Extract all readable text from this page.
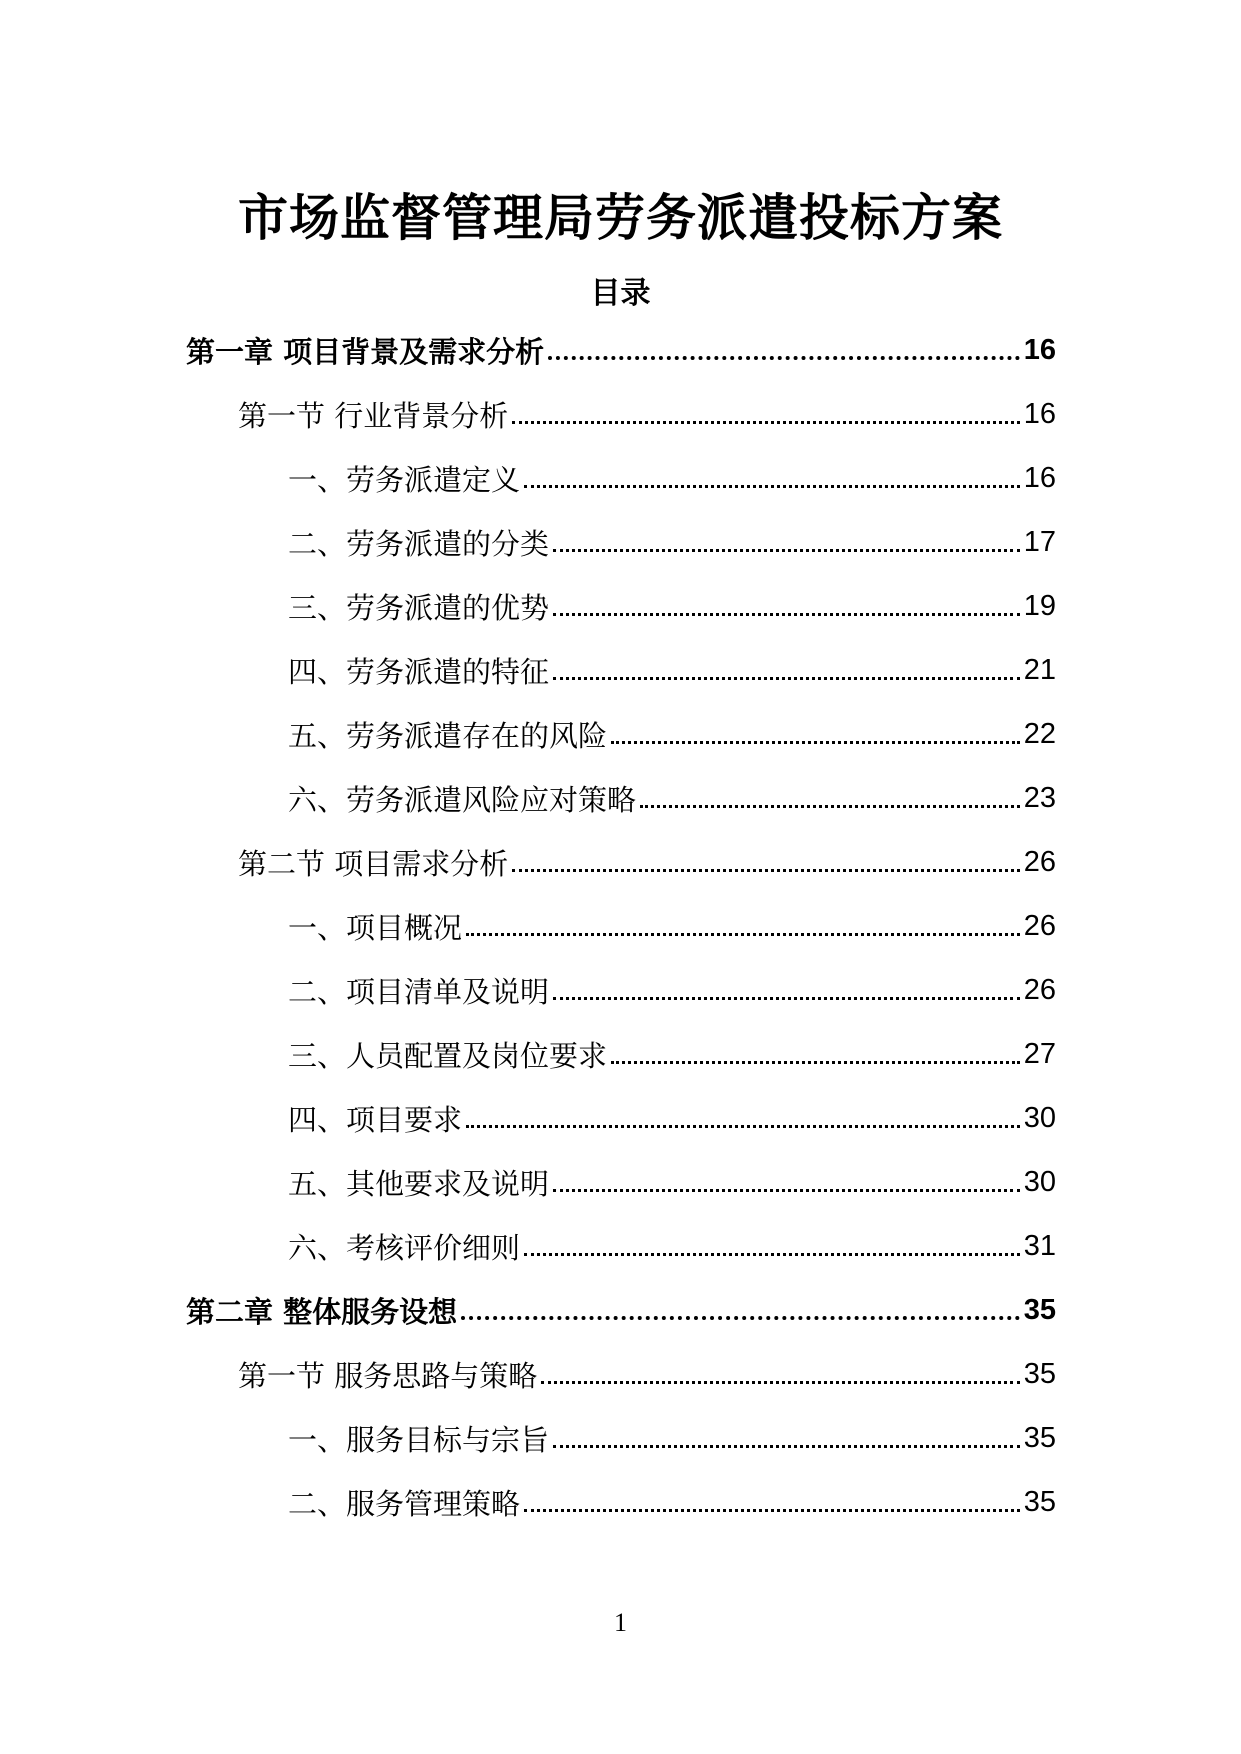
市场监督管理局劳务派遣投标方案
目录
第一章 项目背景及需求分析	16
第一节 行业背景分析	16
一、劳务派遣定义	16
二、劳务派遣的分类	17
三、劳务派遣的优势	19
四、劳务派遣的特征	21
五、劳务派遣存在的风险	22
六、劳务派遣风险应对策略	23
第二节 项目需求分析	26
一、项目概况	26
二、项目清单及说明	26
三、人员配置及岗位要求	27
四、项目要求	30
五、其他要求及说明	30
六、考核评价细则	31
第二章 整体服务设想	35
第一节 服务思路与策略	35
一、服务目标与宗旨	35
二、服务管理策略	35
1
